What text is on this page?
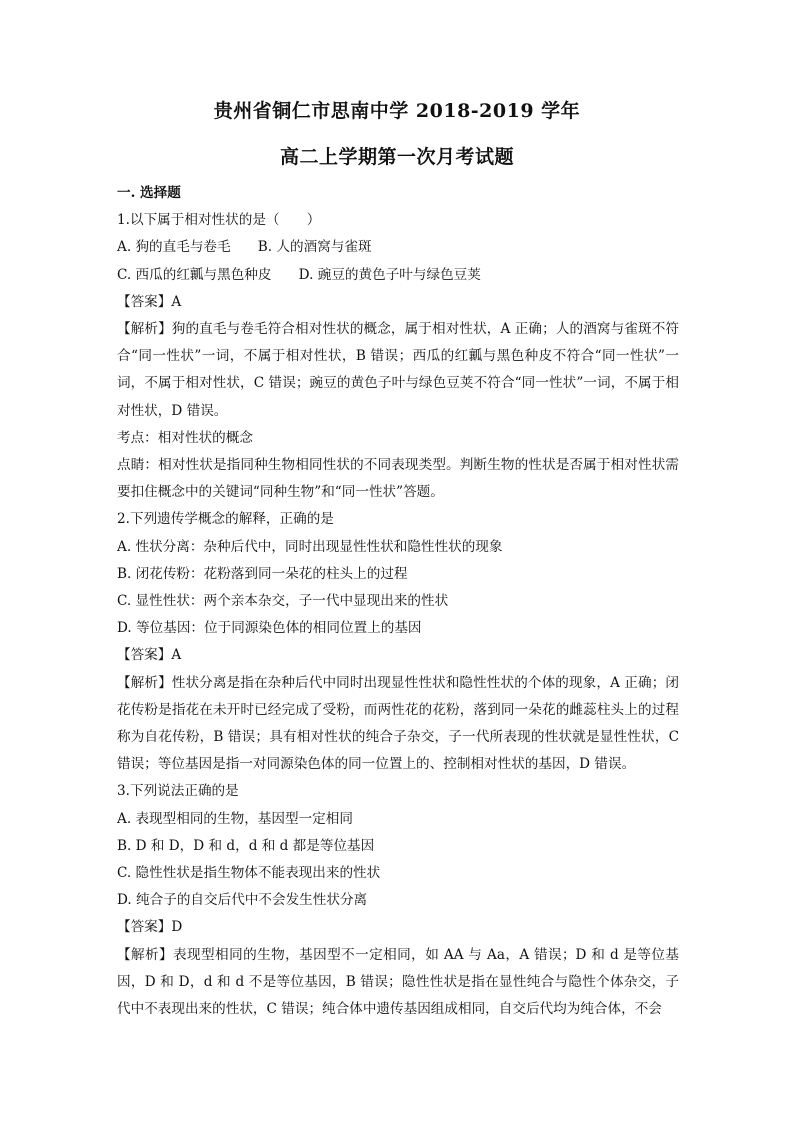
贵州省铜仁市思南中学 2018-2019 学年
高二上学期第一次月考试题

一. 选择题

1.以下属于相对性状的是（　　）

A. 狗的直毛与卷毛　　B. 人的酒窝与雀斑

C. 西瓜的红瓤与黑色种皮　　D. 豌豆的黄色子叶与绿色豆荚

【答案】A

【解析】狗的直毛与卷毛符合相对性状的概念，属于相对性状，A 正确；人的酒窝与雀斑不符合“同一性状”一词，不属于相对性状，B 错误；西瓜的红瓤与黑色种皮不符合“同一性状”一词，不属于相对性状，C 错误；豌豆的黄色子叶与绿色豆荚不符合“同一性状”一词，不属于相对性状，D 错误。

考点：相对性状的概念

点睛：相对性状是指同种生物相同性状的不同表现类型。判断生物的性状是否属于相对性状需要扣住概念中的关键词“同种生物”和“同一性状”答题。

2.下列遗传学概念的解释，正确的是

A. 性状分离：杂种后代中，同时出现显性性状和隐性性状的现象

B. 闭花传粉：花粉落到同一朵花的柱头上的过程

C. 显性性状：两个亲本杂交，子一代中显现出来的性状

D. 等位基因：位于同源染色体的相同位置上的基因

【答案】A

【解析】性状分离是指在杂种后代中同时出现显性性状和隐性性状的个体的现象，A 正确；闭花传粉是指花在未开时已经完成了受粉，而两性花的花粉，落到同一朵花的雌蕊柱头上的过程称为自花传粉，B 错误；具有相对性状的纯合子杂交，子一代所表现的性状就是显性性状，C 错误；等位基因是指一对同源染色体的同一位置上的、控制相对性状的基因，D 错误。

3.下列说法正确的是

A. 表现型相同的生物，基因型一定相同

B. D 和 D，D 和 d，d 和 d 都是等位基因

C. 隐性性状是指生物体不能表现出来的性状

D. 纯合子的自交后代中不会发生性状分离

【答案】D

【解析】表现型相同的生物，基因型不一定相同，如 AA 与 Aa，A 错误；D 和 d 是等位基因，D 和 D，d 和 d 不是等位基因，B 错误；隐性性状是指在显性纯合与隐性个体杂交，子代中不表现出来的性状，C 错误；纯合体中遗传基因组成相同，自交后代均为纯合体，不会
